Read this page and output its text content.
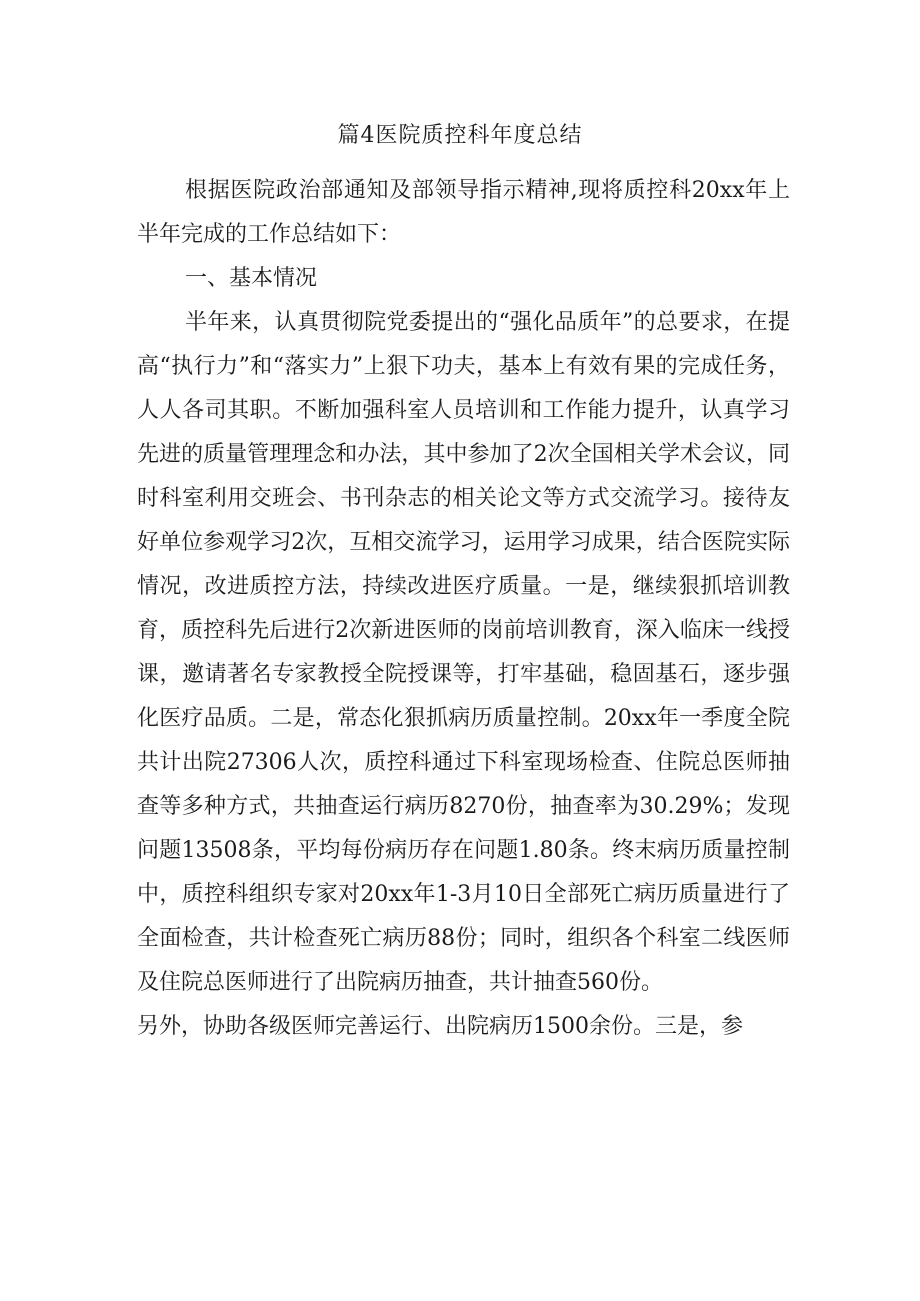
篇4医院质控科年度总结

根据医院政治部通知及部领导指示精神,现将质控科20xx年上半年完成的工作总结如下：

一、基本情况

半年来，认真贯彻院党委提出的“强化品质年”的总要求，在提高“执行力”和“落实力”上狠下功夫，基本上有效有果的完成任务，人人各司其职。不断加强科室人员培训和工作能力提升，认真学习先进的质量管理理念和办法，其中参加了2次全国相关学术会议，同时科室利用交班会、书刊杂志的相关论文等方式交流学习。接待友好单位参观学习2次，互相交流学习，运用学习成果，结合医院实际情况，改进质控方法，持续改进医疗质量。一是，继续狠抓培训教育，质控科先后进行2次新进医师的岗前培训教育，深入临床一线授课，邀请著名专家教授全院授课等，打牢基础，稳固基石，逐步强化医疗品质。二是，常态化狠抓病历质量控制。20xx年一季度全院共计出院27306人次，质控科通过下科室现场检查、住院总医师抽查等多种方式，共抽查运行病历8270份，抽查率为30.29%；发现问题13508条，平均每份病历存在问题1.80条。终末病历质量控制中，质控科组织专家对20xx年1-3月10日全部死亡病历质量进行了全面检查，共计检查死亡病历88份；同时，组织各个科室二线医师及住院总医师进行了出院病历抽查，共计抽查560份。

另外，协助各级医师完善运行、出院病历1500余份。三是，参
